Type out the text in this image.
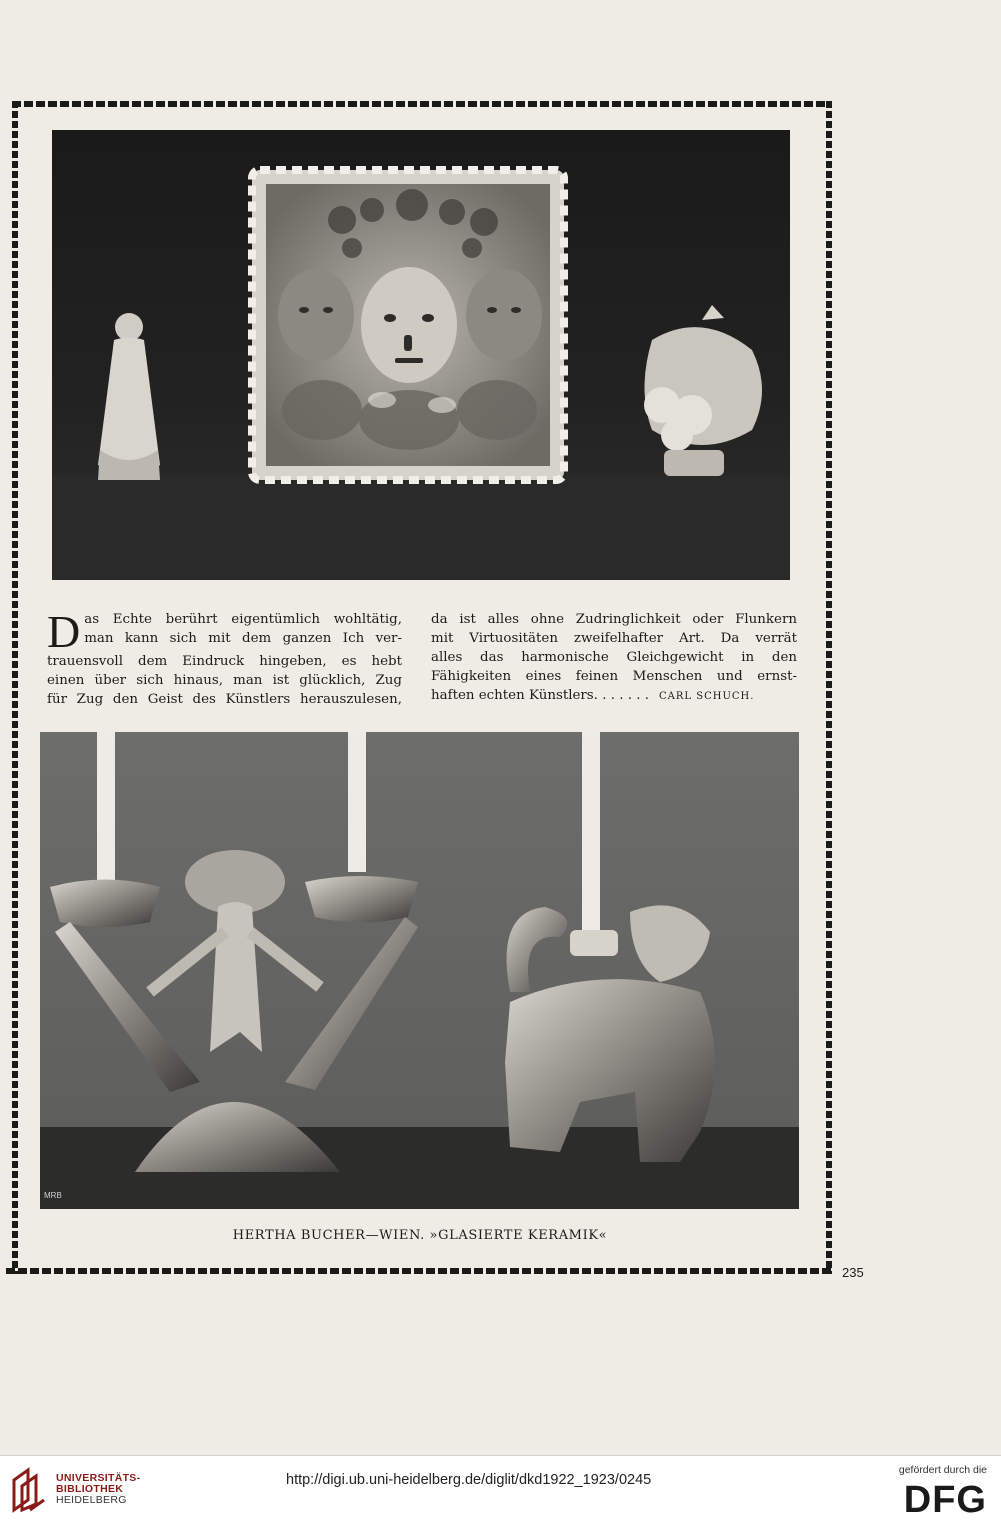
D as Echte berührt eigentümlich wohltätig,
man kann sich mit dem ganzen Ich ver-
trauensvoll dem Eindruck hingeben, es hebt
einen über sich hinaus, man ist glücklich, Zug
für Zug den Geist des Künstlers herauszulesen,
da ist alles ohne Zudringlichkeit oder Flunkern
mit Virtuositäten zweifelhafter Art. Da verrät
alles das harmonische Gleichgewicht in den
Fähigkeiten eines feinen Menschen und ernst-
haften echten Künstlers. . . . . . . CARL SCHUCH.
MRB
HERTHA BUCHER—WIEN. »GLASIERTE KERAMIK«
235
UNIVERSITÄTS-
BIBLIOTHEK
HEIDELBERG
http://digi.ub.uni-heidelberg.de/diglit/dkd1922_1923/0245
gefördert durch die
DFG
